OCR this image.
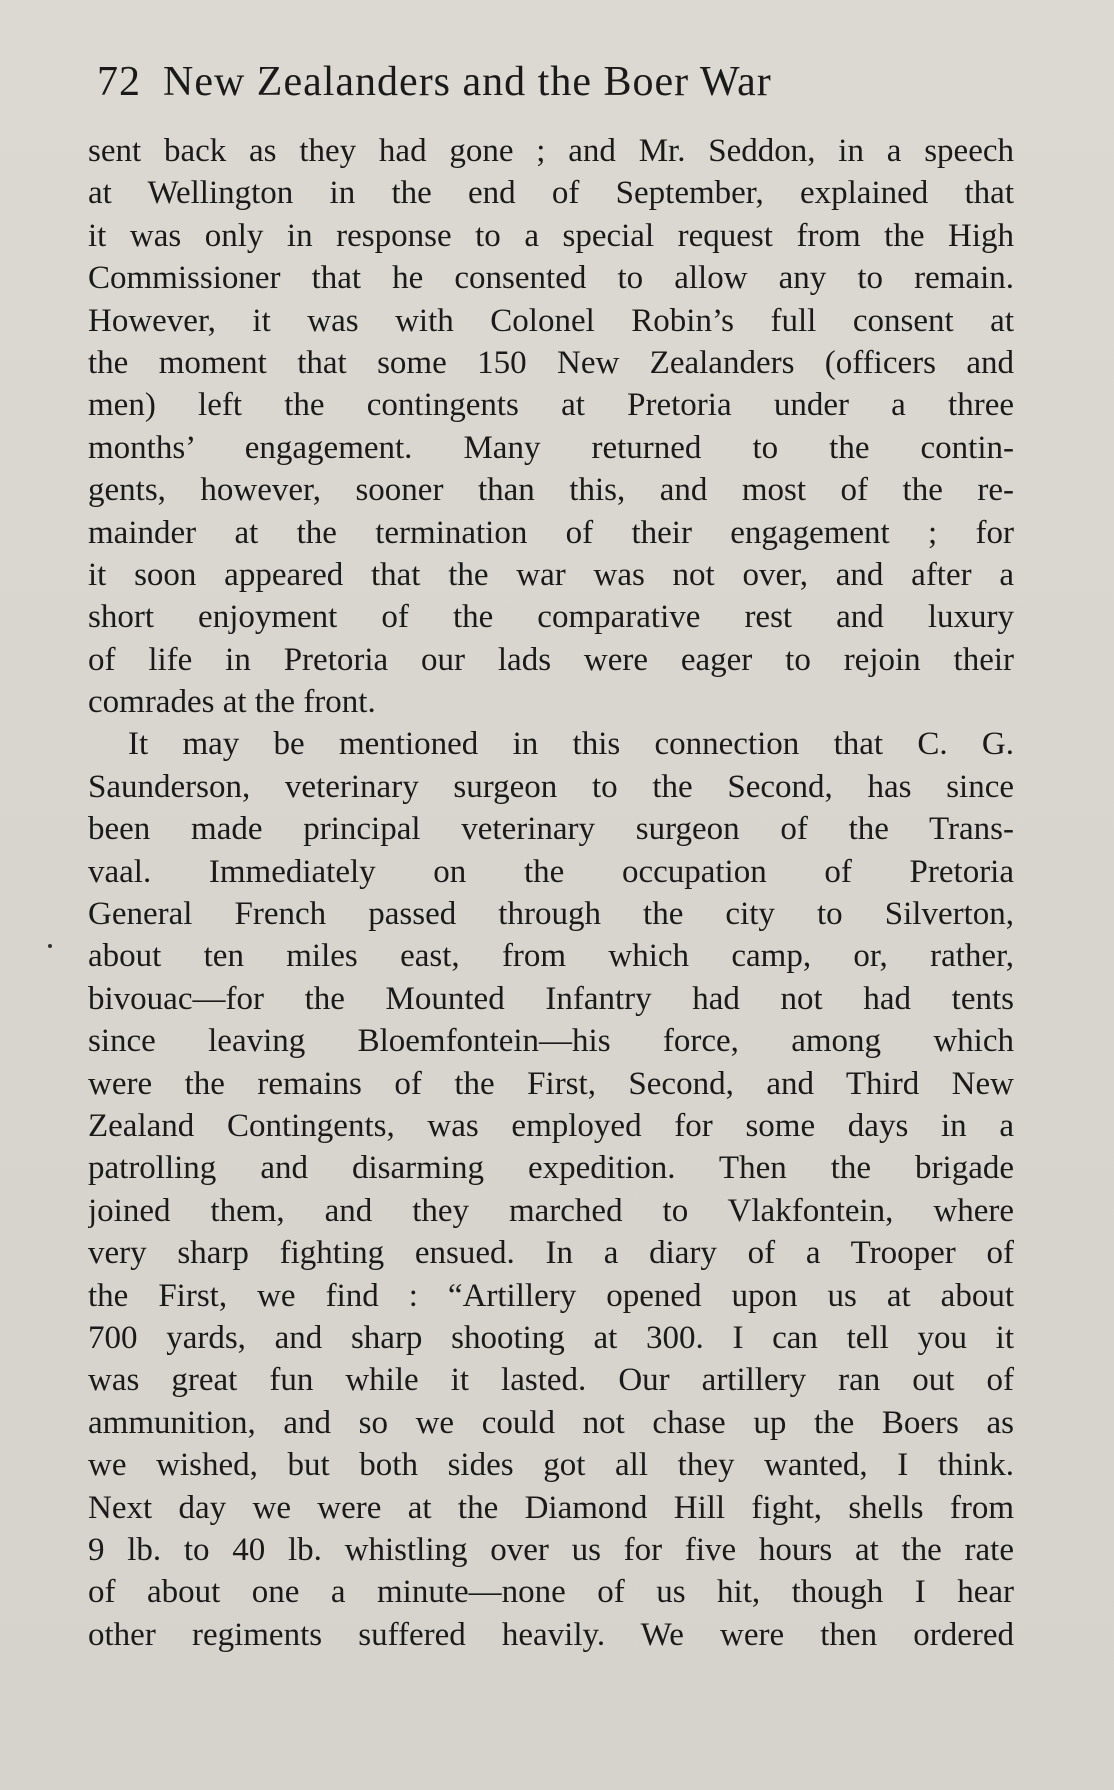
72 New Zealanders and the Boer War
sent back as they had gone ; and Mr. Seddon, in a speech
at Wellington in the end of September, explained that
it was only in response to a special request from the High
Commissioner that he consented to allow any to remain.
However, it was with Colonel Robin’s full consent at
the moment that some 150 New Zealanders (officers and
men) left the contingents at Pretoria under a three
months’ engagement. Many returned to the contin-
gents, however, sooner than this, and most of the re-
mainder at the termination of their engagement ; for
it soon appeared that the war was not over, and after a
short enjoyment of the comparative rest and luxury
of life in Pretoria our lads were eager to rejoin their
comrades at the front.
It may be mentioned in this connection that C. G.
Saunderson, veterinary surgeon to the Second, has since
been made principal veterinary surgeon of the Trans-
vaal. Immediately on the occupation of Pretoria
General French passed through the city to Silverton,
about ten miles east, from which camp, or, rather,
bivouac—for the Mounted Infantry had not had tents
since leaving Bloemfontein—his force, among which
were the remains of the First, Second, and Third New
Zealand Contingents, was employed for some days in a
patrolling and disarming expedition. Then the brigade
joined them, and they marched to Vlakfontein, where
very sharp fighting ensued. In a diary of a Trooper of
the First, we find : “Artillery opened upon us at about
700 yards, and sharp shooting at 300. I can tell you it
was great fun while it lasted. Our artillery ran out of
ammunition, and so we could not chase up the Boers as
we wished, but both sides got all they wanted, I think.
Next day we were at the Diamond Hill fight, shells from
9 lb. to 40 lb. whistling over us for five hours at the rate
of about one a minute—none of us hit, though I hear
other regiments suffered heavily. We were then ordered
